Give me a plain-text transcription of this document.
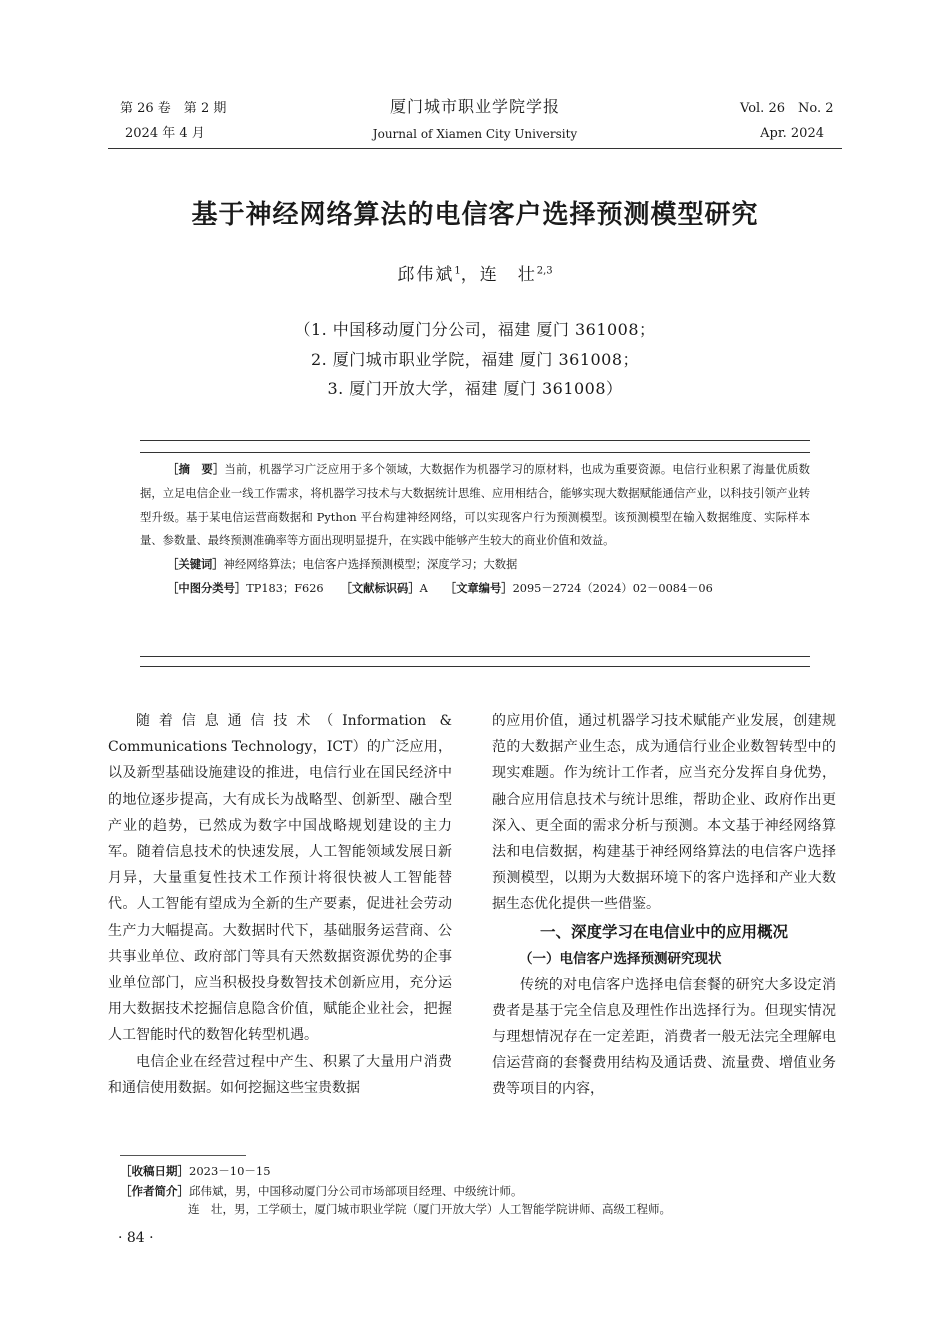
第 26 卷　第 2 期
2024 年 4 月
厦门城市职业学院学报
Journal of Xiamen City University
Vol. 26　No. 2
Apr. 2024
基于神经网络算法的电信客户选择预测模型研究
邱伟斌$^1$，连　壮$^{2,3}$
（1. 中国移动厦门分公司，福建 厦门 361008；
2. 厦门城市职业学院，福建 厦门 361008；
3. 厦门开放大学，福建 厦门 361008）

［摘　要］当前，机器学习广泛应用于多个领域，大数据作为机器学习的原材料，也成为重要资源。电信行业积累了海量优质数据，立足电信企业一线工作需求，将机器学习技术与大数据统计思维、应用相结合，能够实现大数据赋能通信产业，以科技引领产业转型升级。基于某电信运营商数据和 Python 平台构建神经网络，可以实现客户行为预测模型。该预测模型在输入数据维度、实际样本量、参数量、最终预测准确率等方面出现明显提升，在实践中能够产生较大的商业价值和效益。

［关键词］神经网络算法；电信客户选择预测模型；深度学习；大数据

［中图分类号］TP183；F626　　 ［文献标识码］A　　 ［文章编号］2095－2724（2024）02－0084－06

随着信息通信技术（Information & Communications Technology，ICT）的广泛应用，以及新型基础设施建设的推进，电信行业在国民经济中的地位逐步提高，大有成长为战略型、创新型、融合型产业的趋势，已然成为数字中国战略规划建设的主力军。随着信息技术的快速发展，人工智能领域发展日新月异，大量重复性技术工作预计将很快被人工智能替代。人工智能有望成为全新的生产要素，促进社会劳动生产力大幅提高。大数据时代下，基础服务运营商、公共事业单位、政府部门等具有天然数据资源优势的企事业单位部门，应当积极投身数智技术创新应用，充分运用大数据技术挖掘信息隐含价值，赋能企业社会，把握人工智能时代的数智化转型机遇。

电信企业在经营过程中产生、积累了大量用户消费和通信使用数据。如何挖掘这些宝贵数据

的应用价值，通过机器学习技术赋能产业发展，创建规范的大数据产业生态，成为通信行业企业数智转型中的现实难题。作为统计工作者，应当充分发挥自身优势，融合应用信息技术与统计思维，帮助企业、政府作出更深入、更全面的需求分析与预测。本文基于神经网络算法和电信数据，构建基于神经网络算法的电信客户选择预测模型，以期为大数据环境下的客户选择和产业大数据生态优化提供一些借鉴。

一、深度学习在电信业中的应用概况
（一）电信客户选择预测研究现状

传统的对电信客户选择电信套餐的研究大多设定消费者是基于完全信息及理性作出选择行为。但现实情况与理想情况存在一定差距，消费者一般无法完全理解电信运营商的套餐费用结构及通话费、流量费、增值业务费等项目的内容，

［收稿日期］2023－10－15
［作者简介］邱伟斌，男，中国移动厦门分公司市场部项目经理、中级统计师。
连　壮，男，工学硕士，厦门城市职业学院（厦门开放大学）人工智能学院讲师、高级工程师。
· 84 ·
